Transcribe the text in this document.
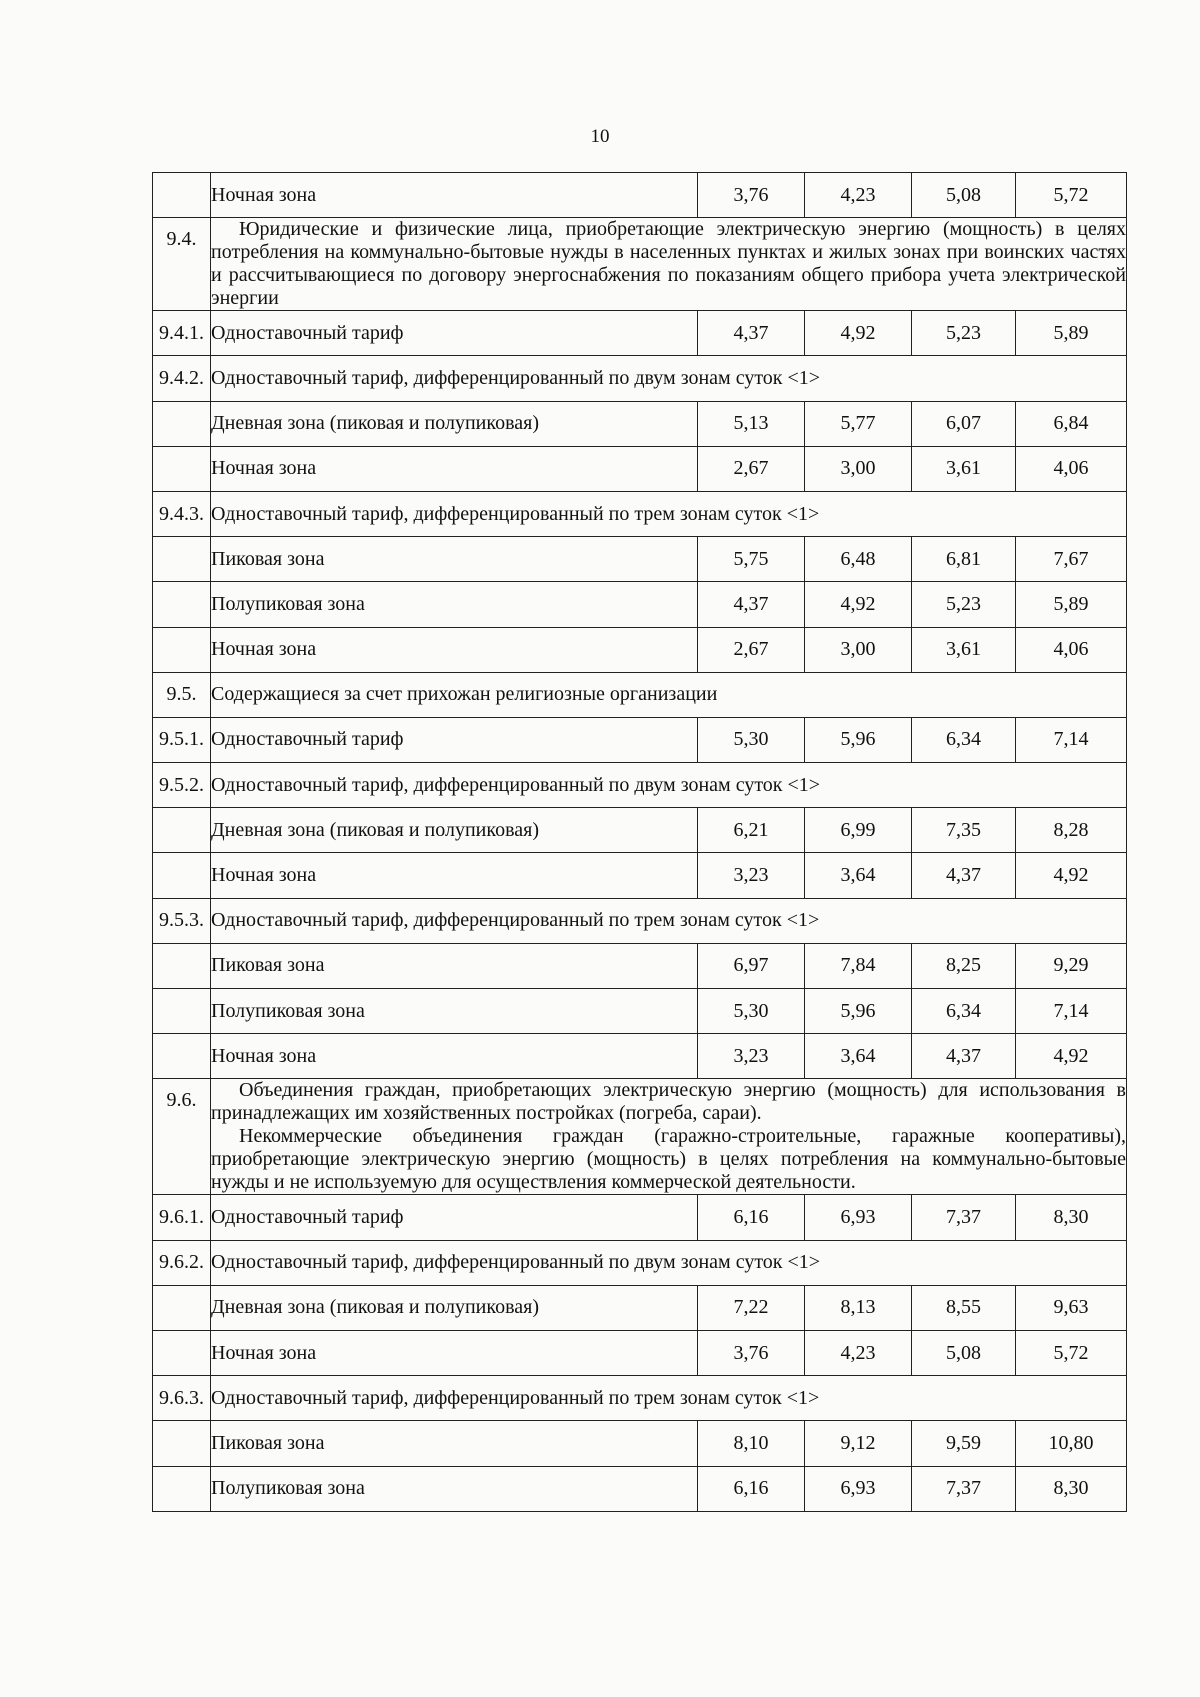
10
	Ночная зона	3,76	4,23	5,08	5,72
9.4.	Юридические и физические лица, приобретающие электрическую энергию (мощность) в целях потребления на коммунально-бытовые нужды в населенных пунктах и жилых зонах при воинских частях и рассчитывающиеся по договору энергоснабжения по показаниям общего прибора учета электрической энергии				

9.4.1.	Одноставочный тариф	4,37	4,92	5,23	5,89
9.4.2.	Одноставочный тариф, дифференцированный по двум зонам суток <1>				
	Дневная зона (пиковая и полупиковая)	5,13	5,77	6,07	6,84
	Ночная зона	2,67	3,00	3,61	4,06
9.4.3.	Одноставочный тариф, дифференцированный по трем зонам суток <1>				
	Пиковая зона	5,75	6,48	6,81	7,67
	Полупиковая зона	4,37	4,92	5,23	5,89
	Ночная зона	2,67	3,00	3,61	4,06
9.5.	Содержащиеся за счет прихожан религиозные организации				
9.5.1.	Одноставочный тариф	5,30	5,96	6,34	7,14
9.5.2.	Одноставочный тариф, дифференцированный по двум зонам суток <1>				
	Дневная зона (пиковая и полупиковая)	6,21	6,99	7,35	8,28
	Ночная зона	3,23	3,64	4,37	4,92
9.5.3.	Одноставочный тариф, дифференцированный по трем зонам суток <1>				
	Пиковая зона	6,97	7,84	8,25	9,29
	Полупиковая зона	5,30	5,96	6,34	7,14
	Ночная зона	3,23	3,64	4,37	4,92
9.6.	Объединения граждан, приобретающих электрическую энергию (мощность) для использования в принадлежащих им хозяйственных постройках (погреба, сараи).

Некоммерческие объединения граждан (гаражно-строительные, гаражные кооперативы), приобретающие электрическую энергию (мощность) в целях потребления на коммунально-бытовые нужды и не используемую для осуществления коммерческой деятельности.				

9.6.1.	Одноставочный тариф	6,16	6,93	7,37	8,30
9.6.2.	Одноставочный тариф, дифференцированный по двум зонам суток <1>				
	Дневная зона (пиковая и полупиковая)	7,22	8,13	8,55	9,63
	Ночная зона	3,76	4,23	5,08	5,72
9.6.3.	Одноставочный тариф, дифференцированный по трем зонам суток <1>				
	Пиковая зона	8,10	9,12	9,59	10,80
	Полупиковая зона	6,16	6,93	7,37	8,30
